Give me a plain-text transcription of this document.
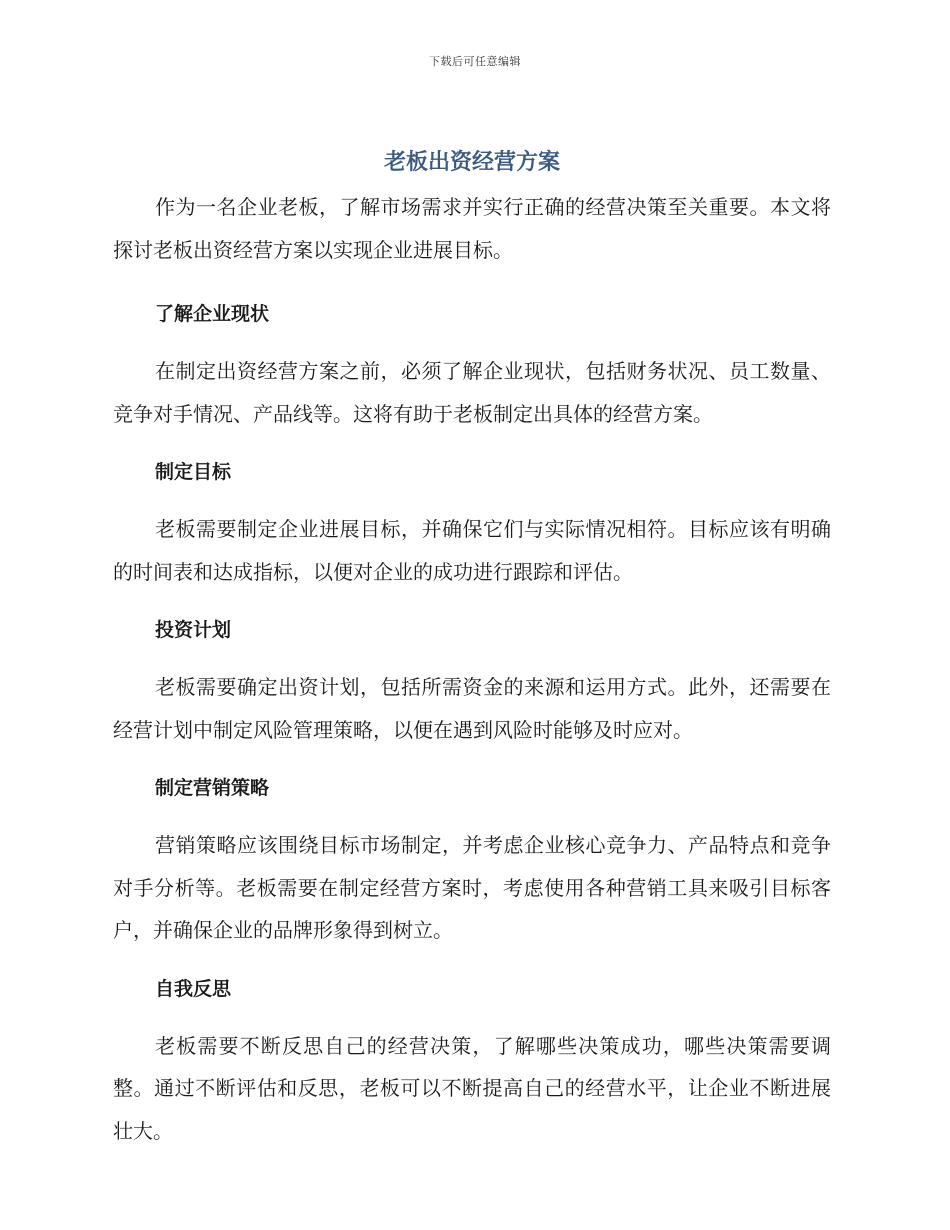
下载后可任意编辑
老板出资经营方案

作为一名企业老板，了解市场需求并实行正确的经营决策至关重要。本文将探讨老板出资经营方案以实现企业进展目标。

了解企业现状

在制定出资经营方案之前，必须了解企业现状，包括财务状况、员工数量、竞争对手情况、产品线等。这将有助于老板制定出具体的经营方案。

制定目标

老板需要制定企业进展目标，并确保它们与实际情况相符。目标应该有明确的时间表和达成指标，以便对企业的成功进行跟踪和评估。

投资计划

老板需要确定出资计划，包括所需资金的来源和运用方式。此外，还需要在经营计划中制定风险管理策略，以便在遇到风险时能够及时应对。

制定营销策略

营销策略应该围绕目标市场制定，并考虑企业核心竞争力、产品特点和竞争对手分析等。老板需要在制定经营方案时，考虑使用各种营销工具来吸引目标客户，并确保企业的品牌形象得到树立。

自我反思

老板需要不断反思自己的经营决策，了解哪些决策成功，哪些决策需要调整。通过不断评估和反思，老板可以不断提高自己的经营水平，让企业不断进展壮大。
